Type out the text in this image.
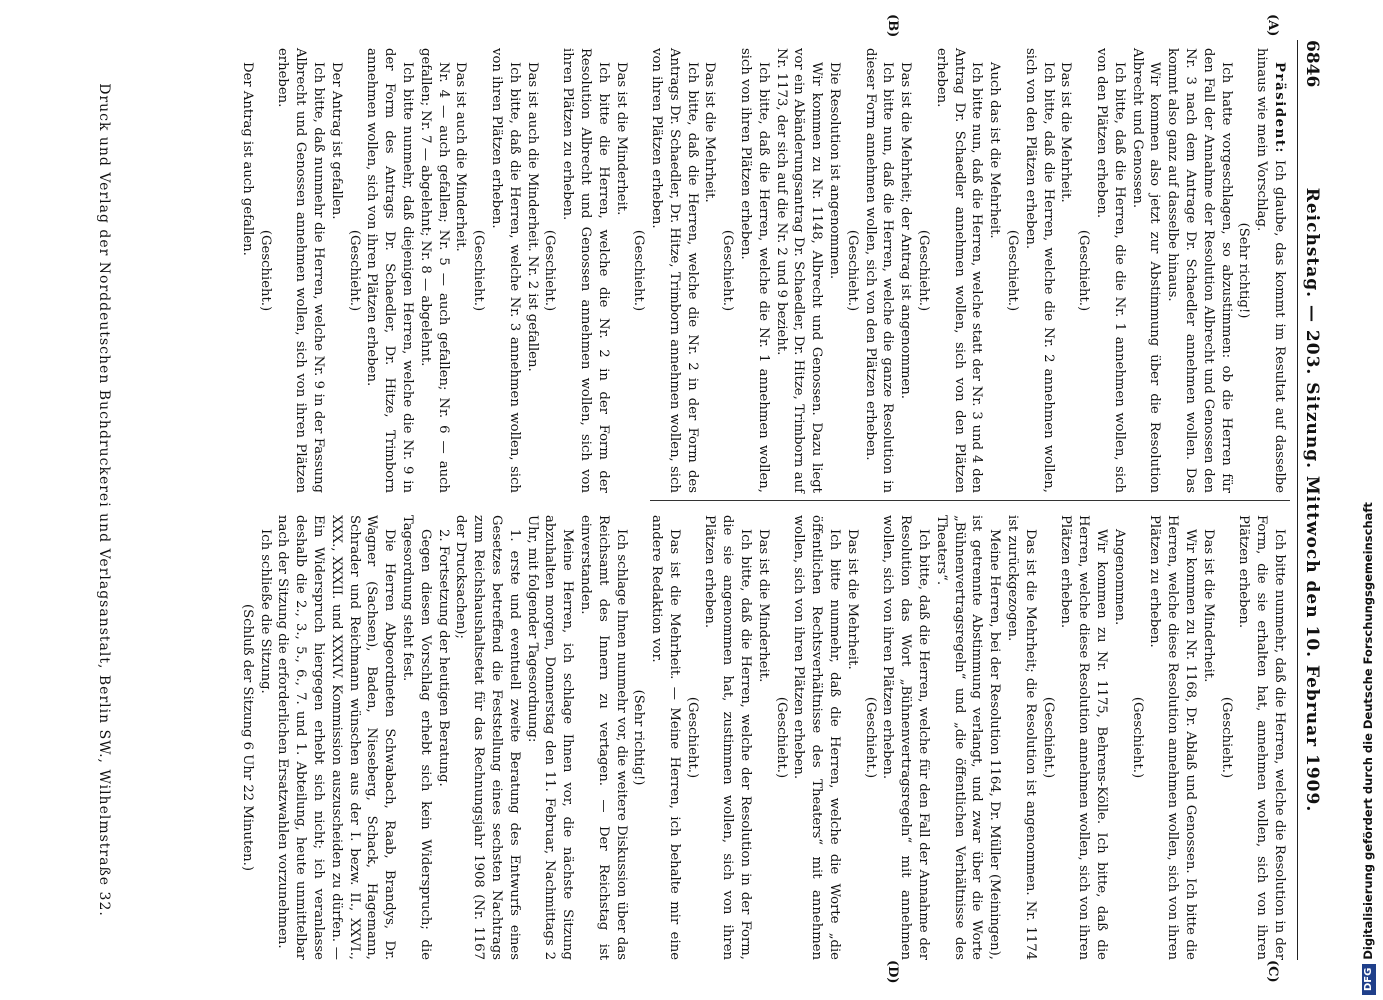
6846
Reichstag. — 203. Sitzung. Mittwoch den 10. Februar 1909.
(A)
(B)
(C)
(D)

Präsident: Ich glaube, das kommt im Resultat auf dasselbe hinaus wie mein Vorschlag.

(Sehr richtig!)

Ich hatte vorgeschlagen, so abzustimmen: ob die Herren für den Fall der Annahme der Resolution Albrecht und Genossen den Nr. 3 nach dem Antrage Dr. Schaedler annehmen wollen. Das kommt also ganz auf dasselbe hinaus.

Wir kommen also jetzt zur Abstimmung über die Resolution Albrecht und Genossen.

Ich bitte, daß die Herren, die die Nr. 1 annehmen wollen, sich von den Plätzen erheben.

(Geschieht.)

Das ist die Mehrheit.

Ich bitte, daß die Herren, welche die Nr. 2 annehmen wollen, sich von den Plätzen erheben.

(Geschieht.)

Auch das ist die Mehrheit.

Ich bitte nun, daß die Herren, welche statt der Nr. 3 und 4 den Antrag Dr. Schaedler annehmen wollen, sich von den Plätzen erheben.

(Geschieht.)

Das ist die Mehrheit; der Antrag ist angenommen.

Ich bitte nun, daß die Herren, welche die ganze Resolution in dieser Form annehmen wollen, sich von den Plätzen erheben.

(Geschieht.)

Die Resolution ist angenommen.

Wir kommen zu Nr. 1148, Albrecht und Genossen. Dazu liegt vor ein Abänderungsantrag Dr. Schaedler, Dr. Hitze, Trimborn auf Nr. 1173, der sich auf die Nr. 2 und 9 bezieht.

Ich bitte, daß die Herren, welche die Nr. 1 annehmen wollen, sich von ihren Plätzen erheben.

(Geschieht.)

Das ist die Mehrheit.

Ich bitte, daß die Herren, welche die Nr. 2 in der Form des Antrags Dr. Schaedler, Dr. Hitze, Trimborn annehmen wollen, sich von ihren Plätzen erheben.

(Geschieht.)

Das ist die Minderheit.

Ich bitte die Herren, welche die Nr. 2 in der Form der Resolution Albrecht und Genossen annehmen wollen, sich von ihren Plätzen zu erheben.

(Geschieht.)

Das ist auch die Minderheit. Nr. 2 ist gefallen.

Ich bitte, daß die Herren, welche Nr. 3 annehmen wollen, sich von ihren Plätzen erheben.

(Geschieht.)

Das ist auch die Minderheit.

Nr. 4 — auch gefallen; Nr. 5 — auch gefallen; Nr. 6 — auch gefallen; Nr. 7 — abgelehnt; Nr. 8 — abgelehnt.

Ich bitte nunmehr, daß diejenigen Herren, welche die Nr. 9 in der Form des Antrags Dr. Schaedler, Dr. Hitze, Trimborn annehmen wollen, sich von ihren Plätzen erheben.

(Geschieht.)

Der Antrag ist gefallen.

Ich bitte, daß nunmehr die Herren, welche Nr. 9 in der Fassung Albrecht und Genossen annehmen wollen, sich von ihren Plätzen erheben.

(Geschieht.)

Der Antrag ist auch gefallen.

Ich bitte nunmehr, daß die Herren, welche die Resolution in der Form, die sie erhalten hat, annehmen wollen, sich von ihren Plätzen erheben.

(Geschieht.)

Das ist die Minderheit.

Wir kommen zu Nr. 1168, Dr. Ablaß und Genossen. Ich bitte die Herren, welche diese Resolution annehmen wollen, sich von ihren Plätzen zu erheben.

(Geschieht.)

Angenommen.

Wir kommen zu Nr. 1175, Behrens-Kölle. Ich bitte, daß die Herren, welche diese Resolution annehmen wollen, sich von ihren Plätzen erheben.

(Geschieht.)

Das ist die Mehrheit; die Resolution ist angenommen. Nr. 1174 ist zurückgezogen.

Meine Herren, bei der Resolution 1164, Dr. Müller (Meiningen), ist getrennte Abstimmung verlangt, und zwar über die Worte „Bühnenvertragsregeln“ und „die öffentlichen Verhältnisse des Theaters“.

Ich bitte, daß die Herren, welche für den Fall der Annahme der Resolution das Wort „Bühnenvertragsregeln“ mit annehmen wollen, sich von ihren Plätzen erheben.

(Geschieht.)

Das ist die Mehrheit.

Ich bitte nunmehr, daß die Herren, welche die Worte „die öffentlichen Rechtsverhältnisse des Theaters“ mit annehmen wollen, sich von ihren Plätzen erheben.

(Geschieht.)

Das ist die Minderheit.

Ich bitte, daß die Herren, welche der Resolution in der Form, die sie angenommen hat, zustimmen wollen, sich von ihren Plätzen erheben.

(Geschieht.)

Das ist die Mehrheit. — Meine Herren, ich behalte mir eine andere Redaktion vor.

(Sehr richtig!)

Ich schlage Ihnen nunmehr vor, die weitere Diskussion über das Reichsamt des Innern zu vertagen. — Der Reichstag ist einverstanden.

Meine Herren, ich schlage Ihnen vor, die nächste Sitzung abzuhalten morgen, Donnerstag den 11. Februar, Nachmittags 2 Uhr, mit folgender Tagesordnung:

1. erste und eventuell zweite Beratung des Entwurfs eines Gesetzes betreffend die Feststellung eines sechsten Nachtrags zum Reichshaushaltsetat für das Rechnungsjahr 1908 (Nr. 1167 der Drucksachen);

2. Fortsetzung der heutigen Beratung.

Gegen diesen Vorschlag erhebt sich kein Widerspruch; die Tagesordnung steht fest.

Die Herren Abgeordneten Schwabach, Raab, Brandys, Dr. Wagner (Sachsen), Baden, Nieseberg, Schack, Hagemann, Schrader und Reichmann wünschen aus der I. bezw. II., XXVI., XXX., XXXII. und XXXIV. Kommission auszuscheiden zu dürfen. — Ein Widerspruch hiergegen erhebt sich nicht; ich veranlasse deshalb die 2., 3., 5., 6., 7. und 1. Abteilung, heute unmittelbar nach der Sitzung die erforderlichen Ersatzwahlen vorzunehmen.

Ich schließe die Sitzung.

(Schluß der Sitzung 6 Uhr 22 Minuten.)

Druck und Verlag der Norddeutschen Buchdruckerei und Verlagsanstalt, Berlin SW., Wilhelmstraße 32.
DFGDigitalisierung gefördert durch die Deutsche Forschungsgemeinschaft
